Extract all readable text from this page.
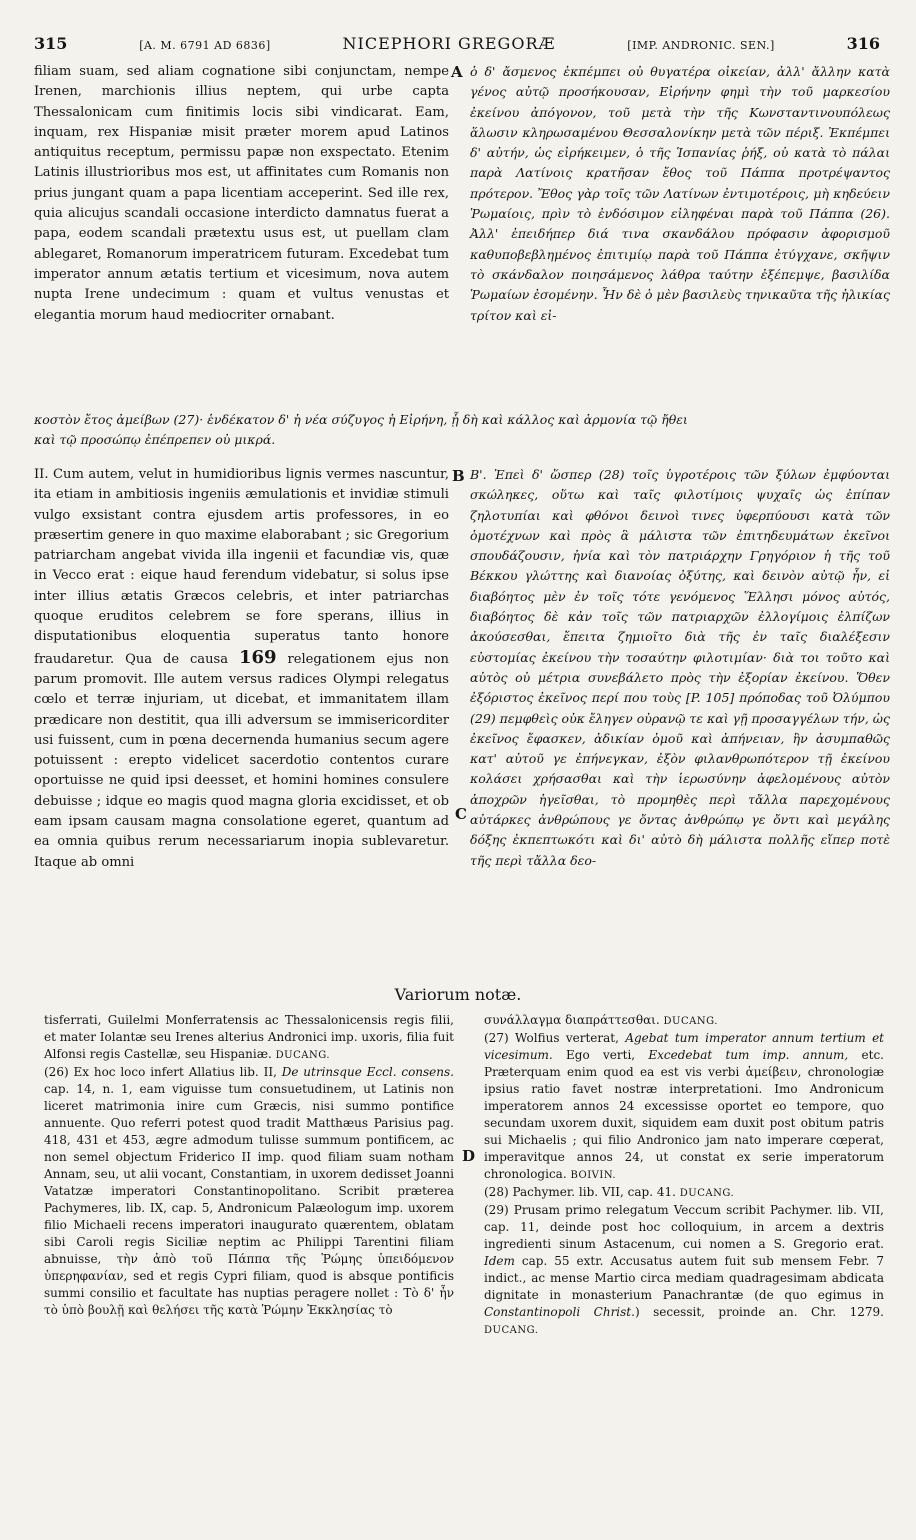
315	[A. M. 6791 AD 6836]	NICEPHORI GREGORÆ	[IMP. ANDRONIC. SEN.]	316
A
B
C
D

filiam suam, sed aliam cognatione sibi conjunctam, nempe Irenen, marchionis illius neptem, qui urbe capta Thessalonicam cum finitimis locis sibi vindicarat. Eam, inquam, rex Hispaniæ misit præter morem apud Latinos antiquitus receptum, permissu papæ non exspectato. Etenim Latinis illustrioribus mos est, ut affinitates cum Romanis non prius jungant quam a papa licentiam acceperint. Sed ille rex, quia alicujus scandali occasione interdicto damnatus fuerat a papa, eodem scandali prætextu usus est, ut puellam clam ablegaret, Romanorum imperatricem futuram. Excedebat tum imperator annum ætatis tertium et vicesimum, nova autem nupta Irene undecimum : quam et vultus venustas et elegantia morum haud mediocriter ornabant.

ὁ δ' ἄσμενος ἐκπέμπει οὐ θυγατέρα οἰκείαν, ἀλλ' ἄλλην κατὰ γένος αὐτῷ προσήκουσαν, Εἰρήνην φημὶ τὴν τοῦ μαρκεσίου ἐκείνου ἀπόγονον, τοῦ μετὰ τὴν τῆς Κωνσταντινουπόλεως ἅλωσιν κληρωσαμένου Θεσσαλονίκην μετὰ τῶν πέριξ. Ἐκπέμπει δ' αὐτήν, ὡς εἰρήκειμεν, ὁ τῆς Ἱσπανίας ῥήξ, οὐ κατὰ τὸ πάλαι παρὰ Λατίνοις κρατῆσαν ἔθος τοῦ Πάππα προτρέψαντος πρότερον. Ἔθος γὰρ τοῖς τῶν Λατίνων ἐντιμοτέροις, μὴ κηδεύειν Ῥωμαίοις, πρὶν τὸ ἐνδόσιμον εἰληφέναι παρὰ τοῦ Πάππα (26). Ἀλλ' ἐπειδήπερ διά τινα σκανδάλου πρόφασιν ἀφορισμοῦ καθυποβεβλημένος ἐπιτιμίῳ παρὰ τοῦ Πάππα ἐτύγχανε, σκῆψιν τὸ σκάνδαλον ποιησάμενος λάθρα ταύτην ἐξέπεμψε, βασιλίδα Ῥωμαίων ἐσομένην. Ἦν δὲ ὁ μὲν βασιλεὺς τηνικαῦτα τῆς ἡλικίας τρίτον καὶ εἰ-

κοστὸν ἔτος ἀμείβων (27)· ἑνδέκατον δ' ἡ νέα σύζυγος ἡ Εἰρήνη, ᾗ δὴ καὶ κάλλος καὶ ἁρμονία τῷ ἤθει
καὶ τῷ προσώπῳ ἐπέπρεπεν οὐ μικρά.

II. Cum autem, velut in humidioribus lignis vermes nascuntur, ita etiam in ambitiosis ingeniis æmulationis et invidiæ stimuli vulgo exsistant contra ejusdem artis professores, in eo præsertim genere in quo maxime elaborabant ; sic Gregorium patriarcham angebat vivida illa ingenii et facundiæ vis, quæ in Vecco erat : eique haud ferendum videbatur, si solus ipse inter illius ætatis Græcos celebris, et inter patriarchas quoque eruditos celebrem se fore sperans, illius in disputationibus eloquentia superatus tanto honore fraudaretur. Qua de causa 169 relegationem ejus non parum promovit. Ille autem versus radices Olympi relegatus cœlo et terræ injuriam, ut dicebat, et immanitatem illam prædicare non destitit, qua illi adversum se immisericorditer usi fuissent, cum in pœna decernenda humanius secum agere potuissent : erepto videlicet sacerdotio contentos curare oportuisse ne quid ipsi deesset, et homini homines consulere debuisse ; idque eo magis quod magna gloria excidisset, et ob eam ipsam causam magna consolatione egeret, quantum ad ea omnia quibus rerum necessariarum inopia sublevaretur. Itaque ab omni

Β'. Ἐπεὶ δ' ὥσπερ (28) τοῖς ὑγροτέροις τῶν ξύλων ἐμφύονται σκώληκες, οὕτω καὶ ταῖς φιλοτίμοις ψυχαῖς ὡς ἐπίπαν ζηλοτυπίαι καὶ φθόνοι δεινοὶ τινες ὑφερπύουσι κατὰ τῶν ὁμοτέχνων καὶ πρὸς ἃ μάλιστα τῶν ἐπιτηδευμάτων ἐκεῖνοι σπουδάζουσιν, ἠνία καὶ τὸν πατριάρχην Γρηγόριον ἡ τῆς τοῦ Βέκκου γλώττης καὶ διανοίας ὀξύτης, καὶ δεινὸν αὐτῷ ἦν, εἰ διαβόητος μὲν ἐν τοῖς τότε γενόμενος Ἕλλησι μόνος αὐτός, διαβόητος δὲ κἀν τοῖς τῶν πατριαρχῶν ἐλλογίμοις ἐλπίζων ἀκούσεσθαι, ἔπειτα ζημιοῖτο διὰ τῆς ἐν ταῖς διαλέξεσιν εὐστομίας ἐκείνου τὴν τοσαύτην φιλοτιμίαν· διὰ τοι τοῦτο καὶ αὐτὸς οὐ μέτρια συνεβάλετο πρὸς τὴν ἐξορίαν ἐκείνου. Ὅθεν ἐξόριστος ἐκεῖνος περί που τοὺς [P. 105] πρόποδας τοῦ Ὀλύμπου (29) πεμφθεὶς οὐκ ἔληγεν οὐρανῷ τε καὶ γῇ προσαγγέλων τήν, ὡς ἐκεῖνος ἔφασκεν, ἀδικίαν ὁμοῦ καὶ ἀπήνειαν, ἣν ἀσυμπαθῶς κατ' αὐτοῦ γε ἐπήνεγκαν, ἐξὸν φιλανθρωπότερον τῇ ἐκείνου κολάσει χρήσασθαι καὶ τὴν ἱερωσύνην ἀφελομένους αὐτὸν ἀποχρῶν ἡγεῖσθαι, τὸ προμηθὲς περὶ τἄλλα παρεχομένους αὐτάρκες ἀνθρώπους γε ὄντας ἀνθρώπῳ γε ὄντι καὶ μεγάλης δόξης ἐκπεπτωκότι καὶ δι' αὐτὸ δὴ μάλιστα πολλῆς εἴπερ ποτὲ τῆς περὶ τἄλλα δεο-

Variorum notæ.

tisferrati, Guilelmi Monferratensis ac Thessalonicensis regis filii, et mater Iolantæ seu Irenes alterius Andronici imp. uxoris, filia fuit Alfonsi regis Castellæ, seu Hispaniæ. DUCANG.

(26) Ex hoc loco infert Allatius lib. II, De utrinsque Eccl. consens. cap. 14, n. 1, eam viguisse tum consuetudinem, ut Latinis non liceret matrimonia inire cum Græcis, nisi summo pontifice annuente. Quo referri potest quod tradit Matthæus Parisius pag. 418, 431 et 453, ægre admodum tulisse summum pontificem, ac non semel objectum Friderico II imp. quod filiam suam notham Annam, seu, ut alii vocant, Constantiam, in uxorem dedisset Joanni Vatatzæ imperatori Constantinopolitano. Scribit præterea Pachymeres, lib. IX, cap. 5, Andronicum Palæologum imp. uxorem filio Michaeli recens imperatori inaugurato quærentem, oblatam sibi Caroli regis Siciliæ neptim ac Philippi Tarentini filiam abnuisse, τὴν ἀπὸ τοῦ Πάππα τῆς Ῥώμης ὑπειδόμενον ὑπερηφανίαν, sed et regis Cypri filiam, quod is absque pontificis summi consilio et facultate has nuptias peragere nollet : Τὸ δ' ἦν τὸ ὑπὸ βουλῇ καὶ θελήσει τῆς κατὰ Ῥώμην Ἐκκλησίας τὸ

συνάλλαγμα διαπράττεσθαι. DUCANG.

(27) Wolfius verterat, Agebat tum imperator annum tertium et vicesimum. Ego verti, Excedebat tum imp. annum, etc. Præterquam enim quod ea est vis verbi ἀμείβειν, chronologiæ ipsius ratio favet nostræ interpretationi. Imo Andronicum imperatorem annos 24 excessisse oportet eo tempore, quo secundam uxorem duxit, siquidem eam duxit post obitum patris sui Michaelis ; qui filio Andronico jam nato imperare cœperat, imperavitque annos 24, ut constat ex serie imperatorum chronologica. BOIVIN.

(28) Pachymer. lib. VII, cap. 41. DUCANG.

(29) Prusam primo relegatum Veccum scribit Pachymer. lib. VII, cap. 11, deinde post hoc colloquium, in arcem a dextris ingredienti sinum Astacenum, cui nomen a S. Gregorio erat. Idem cap. 55 extr. Accusatus autem fuit sub mensem Febr. 7 indict., ac mense Martio circa mediam quadragesimam abdicata dignitate in monasterium Panachrantæ (de quo egimus in Constantinopoli Christ.) secessit, proinde an. Chr. 1279. DUCANG.
